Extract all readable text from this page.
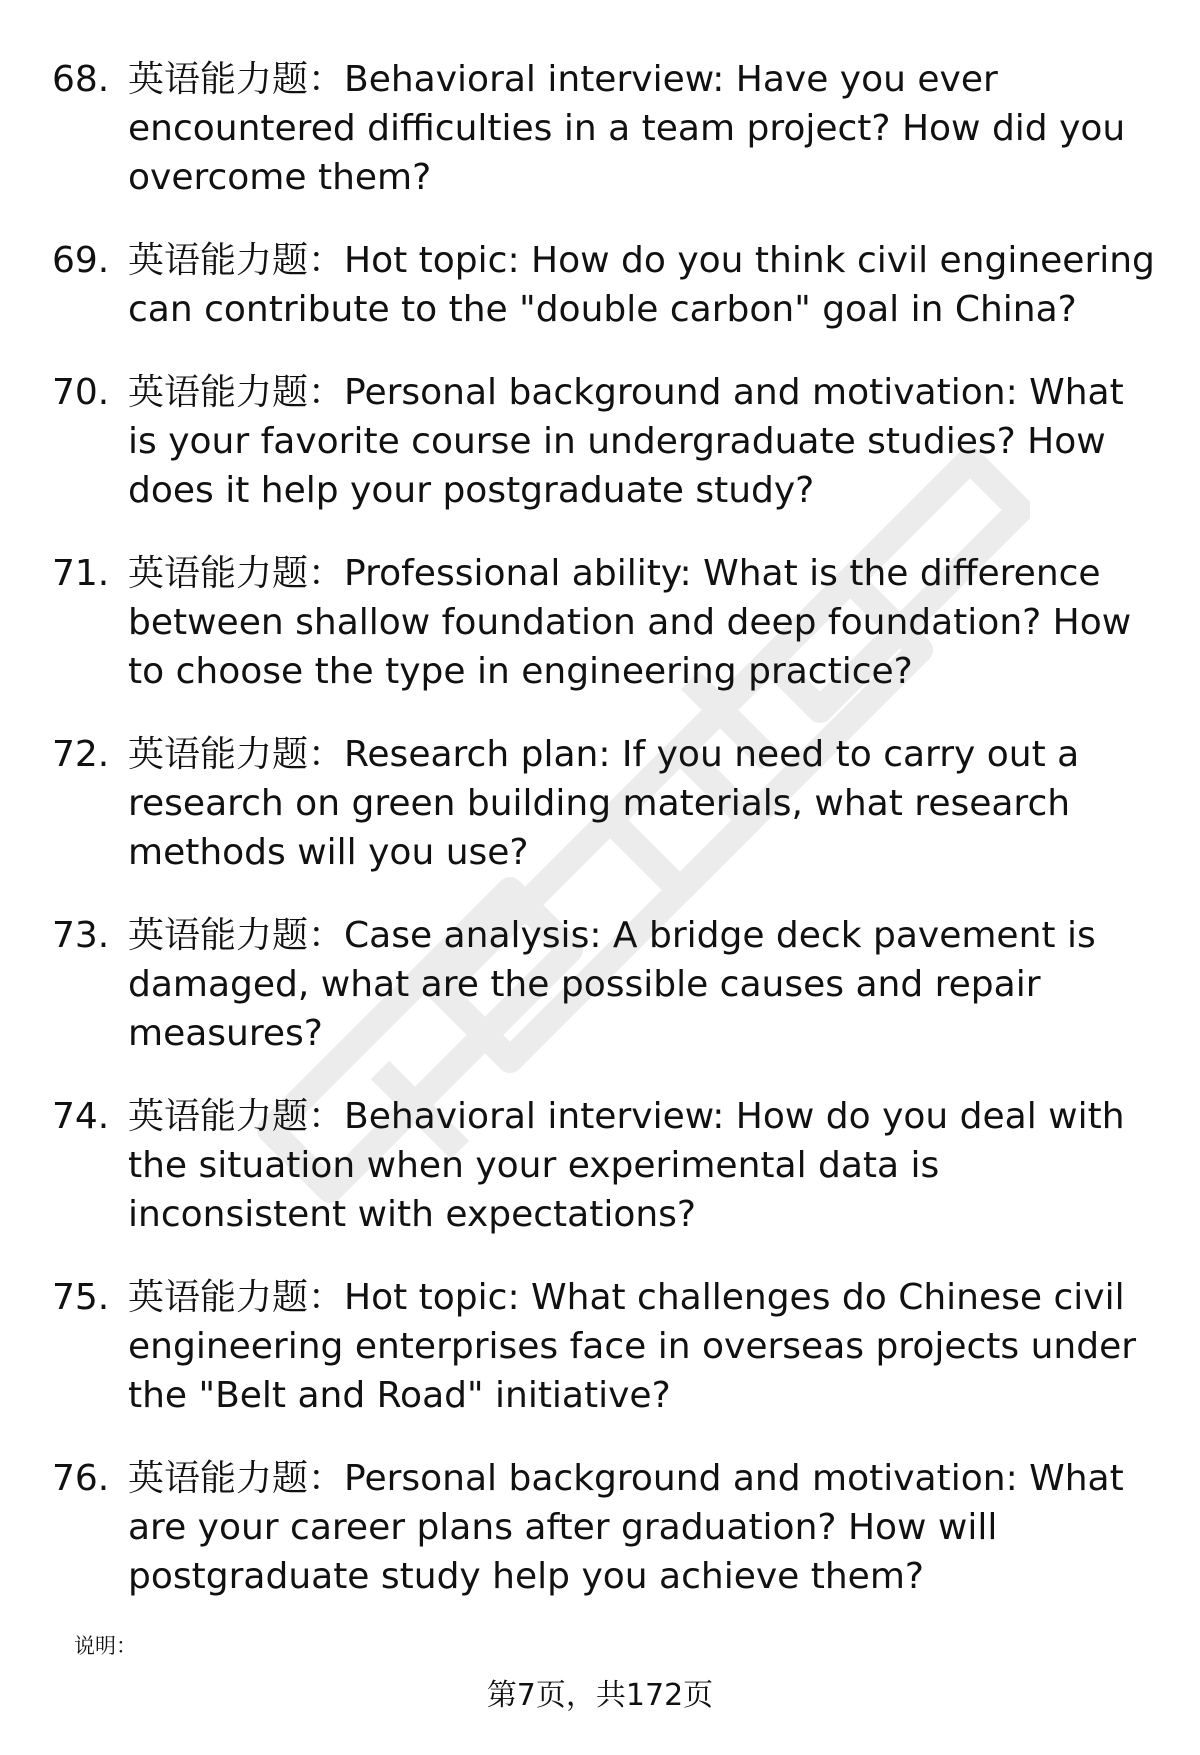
68. 英语能力题：Behavioral interview: Have you ever encountered difficulties in a team project? How did you overcome them?
69. 英语能力题：Hot topic: How do you think civil engineering can contribute to the "double carbon" goal in China?
70. 英语能力题：Personal background and motivation: What is your favorite course in undergraduate studies? How does it help your postgraduate study?
71. 英语能力题：Professional ability: What is the difference between shallow foundation and deep foundation? How to choose the type in engineering practice?
72. 英语能力题：Research plan: If you need to carry out a research on green building materials, what research methods will you use?
73. 英语能力题：Case analysis: A bridge deck pavement is damaged, what are the possible causes and repair measures?
74. 英语能力题：Behavioral interview: How do you deal with the situation when your experimental data is inconsistent with expectations?
75. 英语能力题：Hot topic: What challenges do Chinese civil engineering enterprises face in overseas projects under the "Belt and Road" initiative?
76. 英语能力题：Personal background and motivation: What are your career plans after graduation? How will postgraduate study help you achieve them?
说明：
第7页，共172页
